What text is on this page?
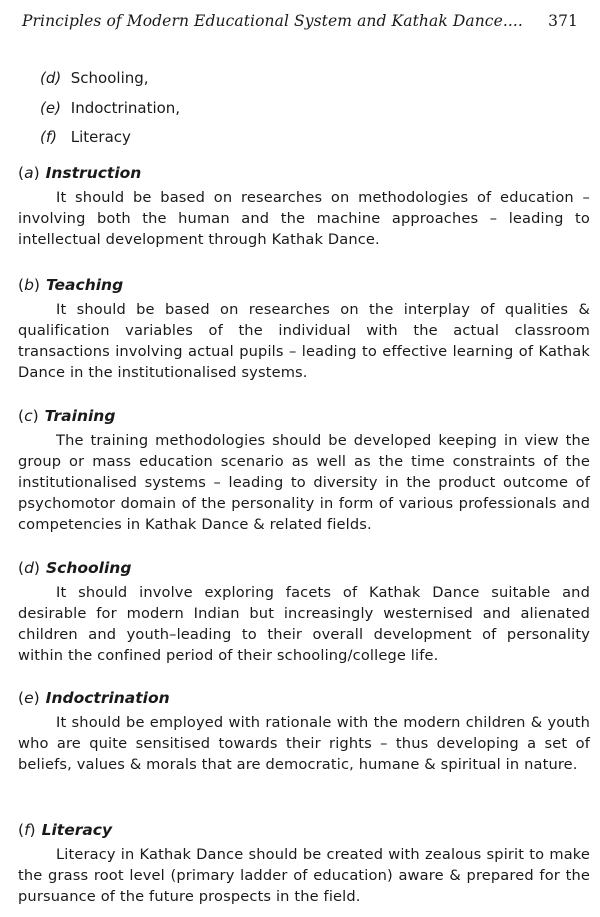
Principles of Modern Educational System and Kathak Dance.... 371
(d) Schooling,
(e) Indoctrination,
(f) Literacy
(a) Instruction

It should be based on researches on methodologies of education – involving both the human and the machine approaches – leading to intellectual development through Kathak Dance.

(b) Teaching

It should be based on researches on the interplay of qualities & qualification variables of the individual with the actual classroom transactions involving actual pupils – leading to effective learning of Kathak Dance in the institutionalised systems.

(c) Training

The training methodologies should be developed keeping in view the group or mass education scenario as well as the time constraints of the institutionalised systems – leading to diversity in the product outcome of psychomotor domain of the personality in form of various professionals and competencies in Kathak Dance & related fields.

(d) Schooling

It should involve exploring facets of Kathak Dance suitable and desirable for modern Indian but increasingly westernised and alienated children and youth–leading to their overall development of personality within the confined period of their schooling/college life.

(e) Indoctrination

It should be employed with rationale with the modern children & youth who are quite sensitised towards their rights – thus developing a set of beliefs, values & morals that are democratic, humane & spiritual in nature.

(f) Literacy

Literacy in Kathak Dance should be created with zealous spirit to make the grass root level (primary ladder of education) aware & prepared for the pursuance of the future prospects in the field.
